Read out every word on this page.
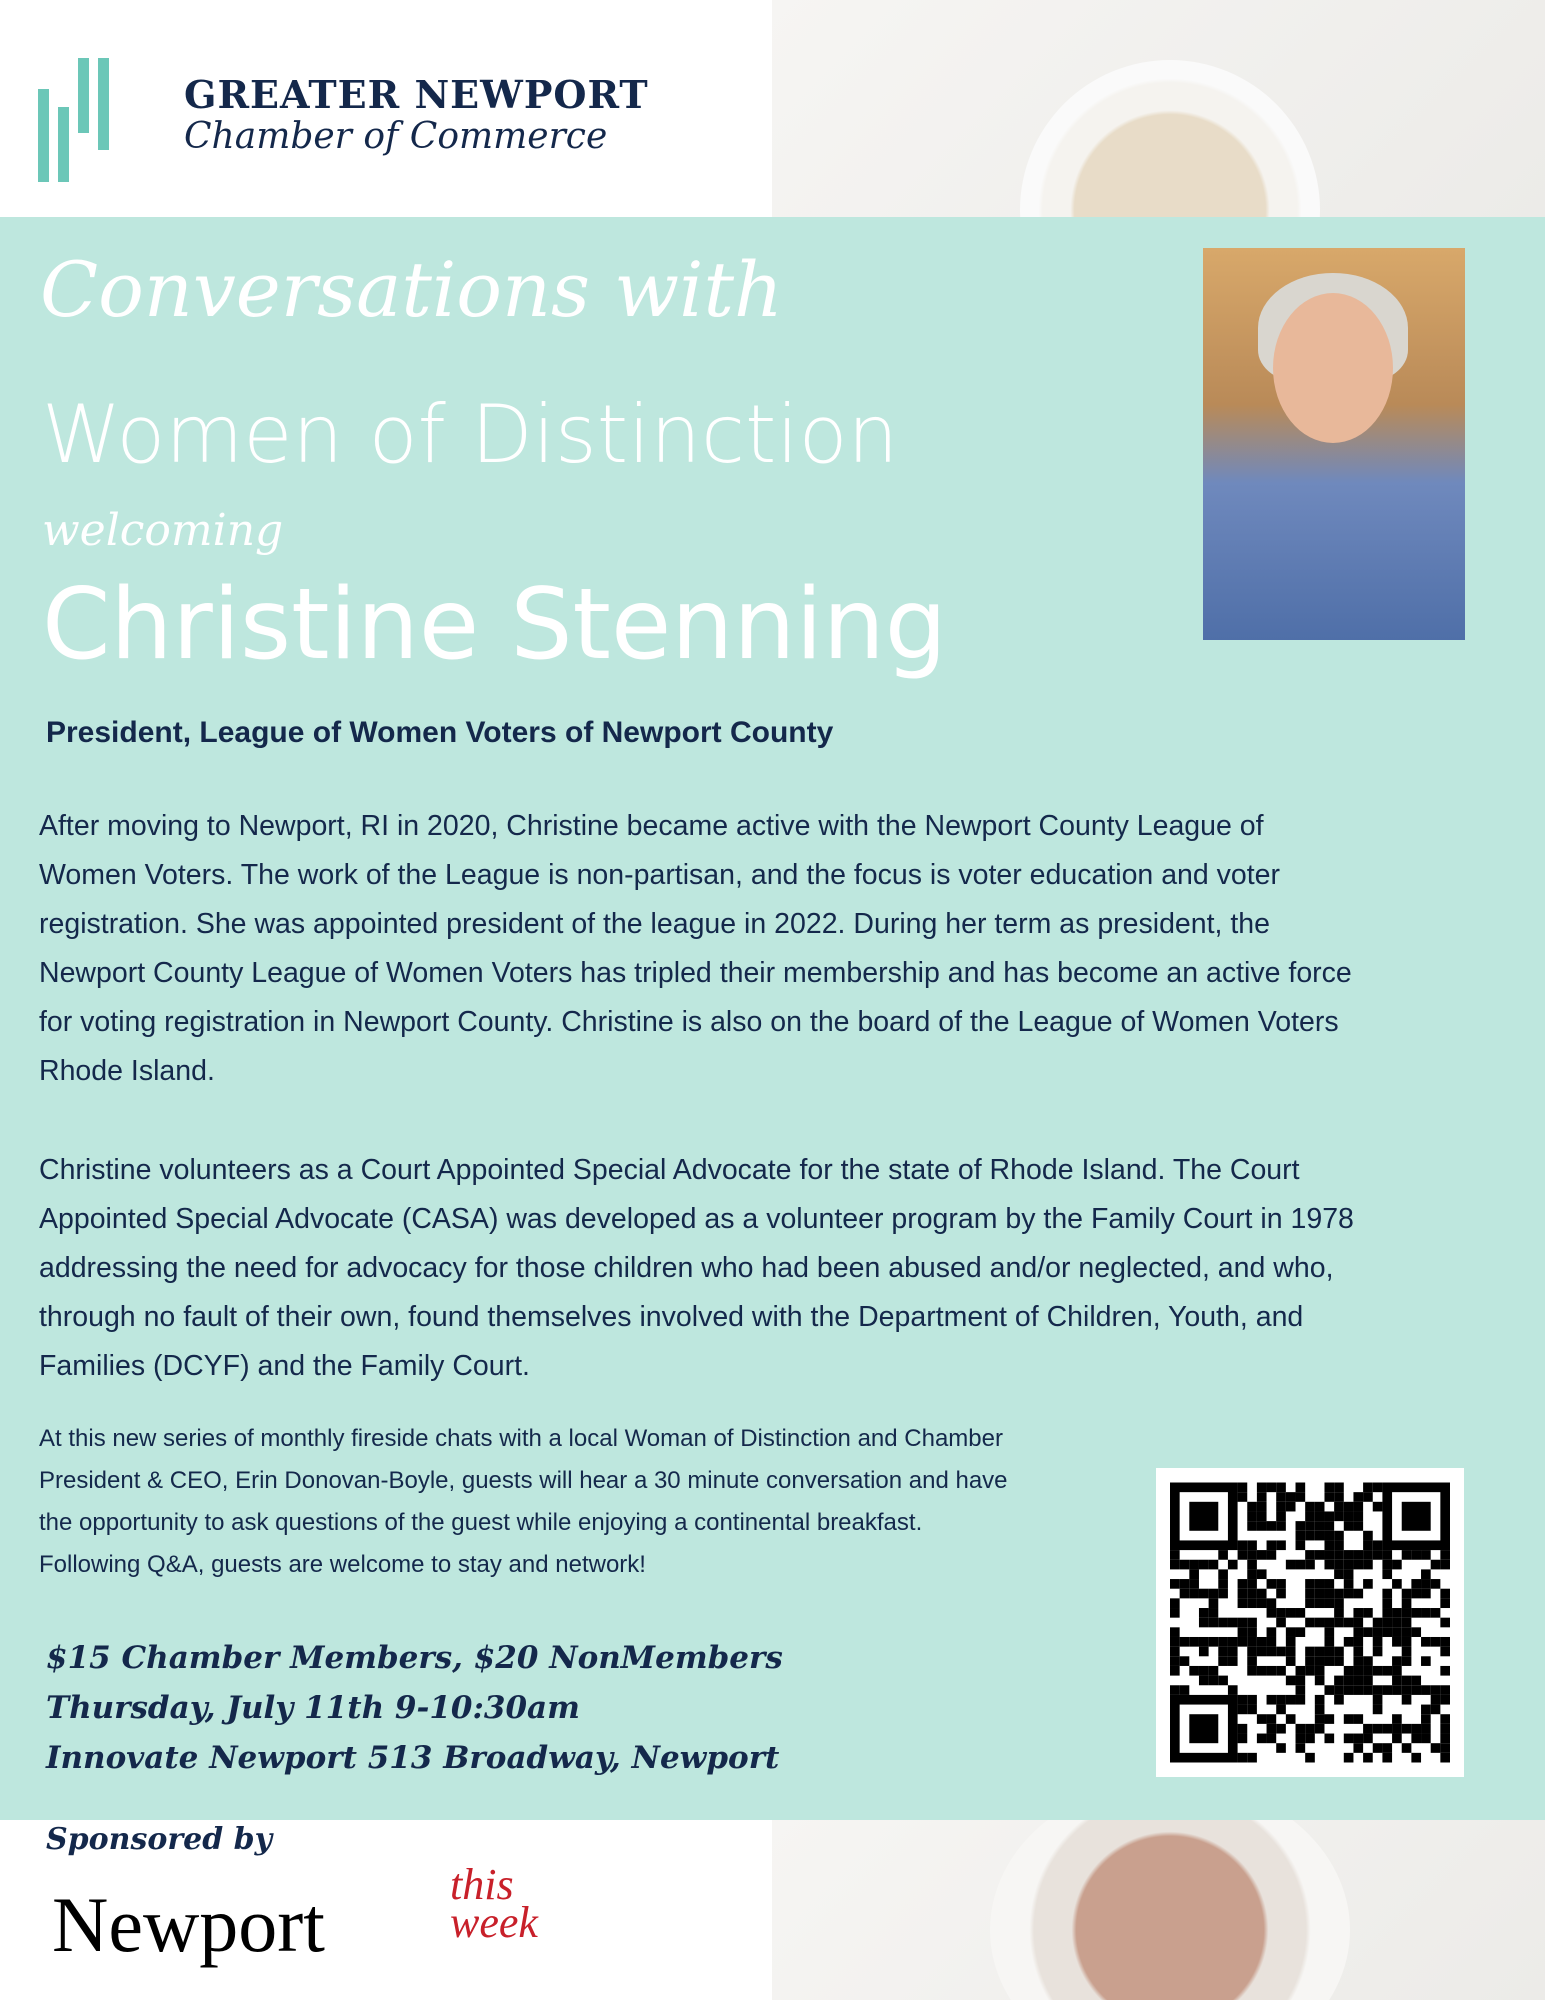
GREATER NEWPORT
Chamber of Commerce
Conversations with
Women of Distinction
welcoming
Christine Stenning
President, League of Women Voters of Newport County
After moving to Newport, RI in 2020, Christine became active with the Newport County League of
Women Voters. The work of the League is non-partisan, and the focus is voter education and voter
registration. She was appointed president of the league in 2022. During her term as president, the
Newport County League of Women Voters has tripled their membership and has become an active force
for voting registration in Newport County. Christine is also on the board of the League of Women Voters
Rhode Island.
Christine volunteers as a Court Appointed Special Advocate for the state of Rhode Island. The Court
Appointed Special Advocate (CASA) was developed as a volunteer program by the Family Court in 1978
addressing the need for advocacy for those children who had been abused and/or neglected, and who,
through no fault of their own, found themselves involved with the Department of Children, Youth, and
Families (DCYF) and the Family Court.
At this new series of monthly fireside chats with a local Woman of Distinction and Chamber
President & CEO, Erin Donovan-Boyle, guests will hear a 30 minute conversation and have
the opportunity to ask questions of the guest while enjoying a continental breakfast.
Following Q&A, guests are welcome to stay and network!
$15 Chamber Members, $20 NonMembers
Thursday, July 11th 9-10:30am
Innovate Newport 513 Broadway, Newport
Sponsored by
Newport	this
week
